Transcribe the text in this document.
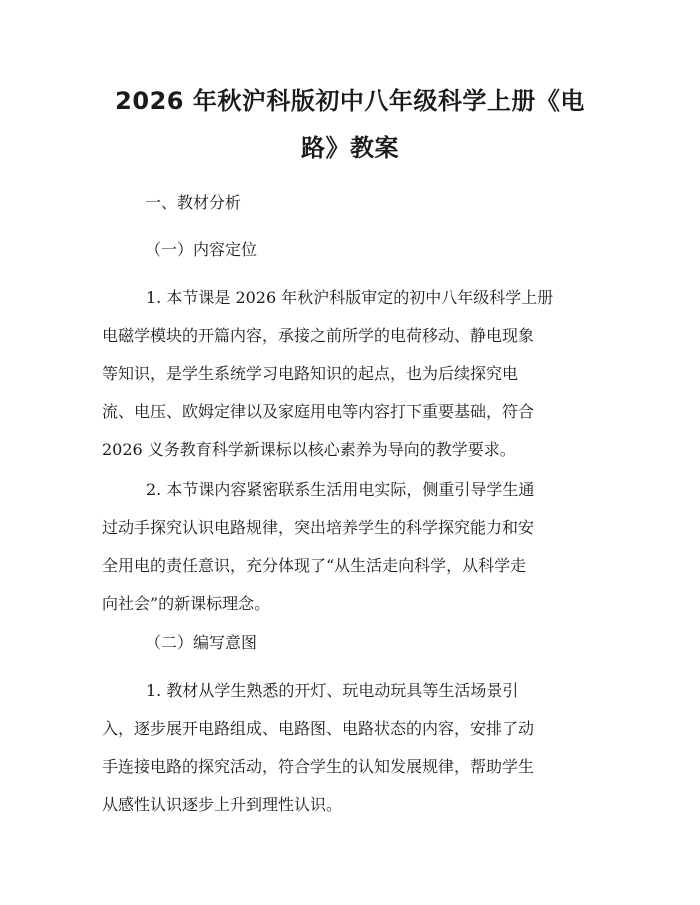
2026 年秋沪科版初中八年级科学上册《电
路》教案
一、教材分析
（一）内容定位
1. 本节课是 2026 年秋沪科版审定的初中八年级科学上册
电磁学模块的开篇内容，承接之前所学的电荷移动、静电现象
等知识，是学生系统学习电路知识的起点，也为后续探究电
流、电压、欧姆定律以及家庭用电等内容打下重要基础，符合
2026 义务教育科学新课标以核心素养为导向的教学要求。
2. 本节课内容紧密联系生活用电实际，侧重引导学生通
过动手探究认识电路规律，突出培养学生的科学探究能力和安
全用电的责任意识，充分体现了“从生活走向科学，从科学走
向社会”的新课标理念。
（二）编写意图
1. 教材从学生熟悉的开灯、玩电动玩具等生活场景引
入，逐步展开电路组成、电路图、电路状态的内容，安排了动
手连接电路的探究活动，符合学生的认知发展规律，帮助学生
从感性认识逐步上升到理性认识。
